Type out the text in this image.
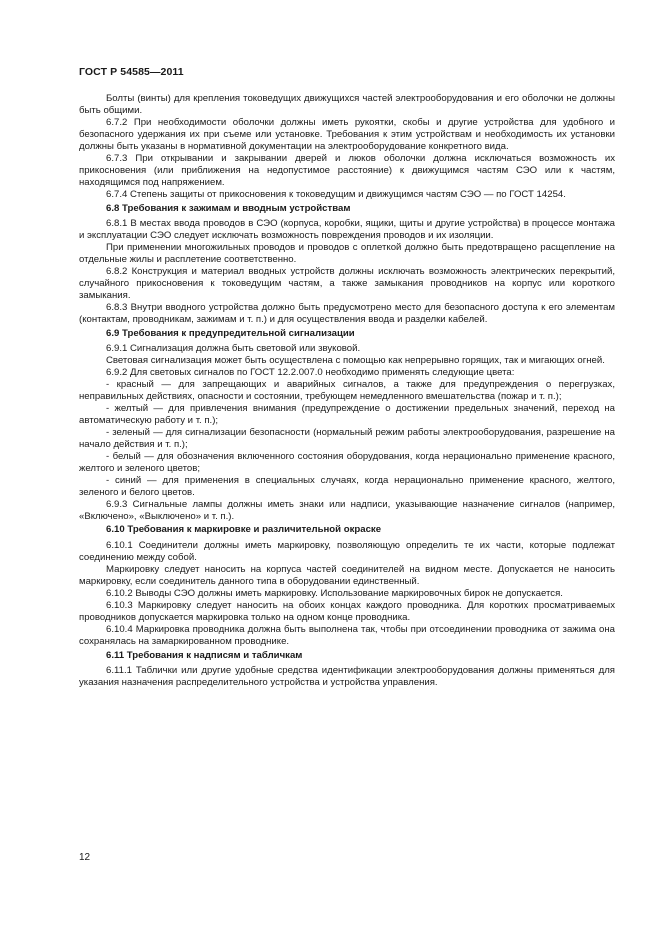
ГОСТ Р 54585—2011

Болты (винты) для крепления токоведущих движущихся частей электрооборудования и его оболочки не должны быть общими.

6.7.2 При необходимости оболочки должны иметь рукоятки, скобы и другие устройства для удобного и безопасного удержания их при съеме или установке. Требования к этим устройствам и необходимость их установки должны быть указаны в нормативной документации на электрооборудование конкретного вида.

6.7.3 При открывании и закрывании дверей и люков оболочки должна исключаться возможность их прикосновения (или приближения на недопустимое расстояние) к движущимся частям СЭО или к частям, находящимся под напряжением.

6.7.4 Степень защиты от прикосновения к токоведущим и движущимся частям СЭО — по ГОСТ 14254.

6.8 Требования к зажимам и вводным устройствам

6.8.1 В местах ввода проводов в СЭО (корпуса, коробки, ящики, щиты и другие устройства) в процессе монтажа и эксплуатации СЭО следует исключать возможность повреждения проводов и их изоляции.

При применении многожильных проводов и проводов с оплеткой должно быть предотвращено расщепление на отдельные жилы и расплетение соответственно.

6.8.2 Конструкция и материал вводных устройств должны исключать возможность электрических перекрытий, случайного прикосновения к токоведущим частям, а также замыкания проводников на корпус или короткого замыкания.

6.8.3 Внутри вводного устройства должно быть предусмотрено место для безопасного доступа к его элементам (контактам, проводникам, зажимам и т. п.) и для осуществления ввода и разделки кабелей.

6.9 Требования к предупредительной сигнализации

6.9.1 Сигнализация должна быть световой или звуковой.

Световая сигнализация может быть осуществлена с помощью как непрерывно горящих, так и мигающих огней.

6.9.2 Для световых сигналов по ГОСТ 12.2.007.0 необходимо применять следующие цвета:

- красный — для запрещающих и аварийных сигналов, а также для предупреждения о перегрузках, неправильных действиях, опасности и состоянии, требующем немедленного вмешательства (пожар и т. п.);

- желтый — для привлечения внимания (предупреждение о достижении предельных значений, переход на автоматическую работу и т. п.);

- зеленый — для сигнализации безопасности (нормальный режим работы электрооборудования, разрешение на начало действия и т. п.);

- белый — для обозначения включенного состояния оборудования, когда нерационально применение красного, желтого и зеленого цветов;

- синий — для применения в специальных случаях, когда нерационально применение красного, желтого, зеленого и белого цветов.

6.9.3 Сигнальные лампы должны иметь знаки или надписи, указывающие назначение сигналов (например, «Включено», «Выключено» и т. п.).

6.10 Требования к маркировке и различительной окраске

6.10.1 Соединители должны иметь маркировку, позволяющую определить те их части, которые подлежат соединению между собой.

Маркировку следует наносить на корпуса частей соединителей на видном месте. Допускается не наносить маркировку, если соединитель данного типа в оборудовании единственный.

6.10.2 Выводы СЭО должны иметь маркировку. Использование маркировочных бирок не допускается.

6.10.3 Маркировку следует наносить на обоих концах каждого проводника. Для коротких просматриваемых проводников допускается маркировка только на одном конце проводника.

6.10.4 Маркировка проводника должна быть выполнена так, чтобы при отсоединении проводника от зажима она сохранялась на замаркированном проводнике.

6.11 Требования к надписям и табличкам

6.11.1 Таблички или другие удобные средства идентификации электрооборудования должны применяться для указания назначения распределительного устройства и устройства управления.

12
